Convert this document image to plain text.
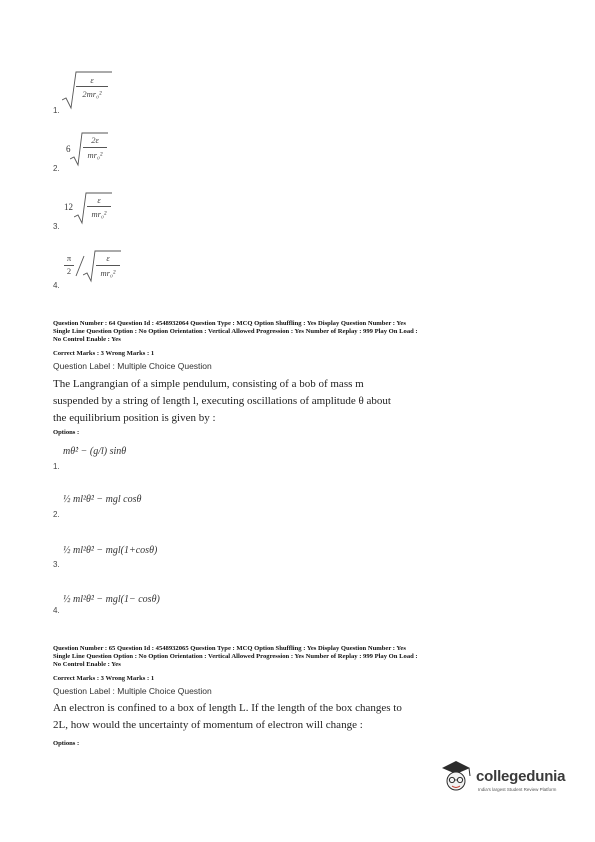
ε
2mr₀²
1.
6
2ε
mr₀²
2.
12
ε
mr₀²
3.
π
2
ε
mr₀²
4.
Question Number : 64 Question Id : 4548932064 Question Type : MCQ Option Shuffling : Yes Display Question Number : Yes
Single Line Question Option : No Option Orientation : Vertical Allowed Progression : Yes Number of Replay : 999 Play On Load :
No Control Enable : Yes
Correct Marks : 3 Wrong Marks : 1
Question Label : Multiple Choice Question
The Langrangian of a simple pendulum, consisting of a bob of mass m
suspended by a string of length l, executing oscillations of amplitude θ about
the equilibrium position is given by :
Options :
mθ̇² − (g/l) sinθ
1.
½ ml²θ̇² − mgl cosθ
2.
½ ml²θ̇² − mgl(1+cosθ)
3.
½ ml²θ̇² − mgl(1− cosθ)
4.
Question Number : 65 Question Id : 4548932065 Question Type : MCQ Option Shuffling : Yes Display Question Number : Yes
Single Line Question Option : No Option Orientation : Vertical Allowed Progression : Yes Number of Replay : 999 Play On Load :
No Control Enable : Yes
Correct Marks : 3 Wrong Marks : 1
Question Label : Multiple Choice Question
An electron is confined to a box of length L. If the length of the box changes to
2L, how would the uncertainty of momentum of electron will change :
Options :
collegedunia
India's largest Student Review Platform
